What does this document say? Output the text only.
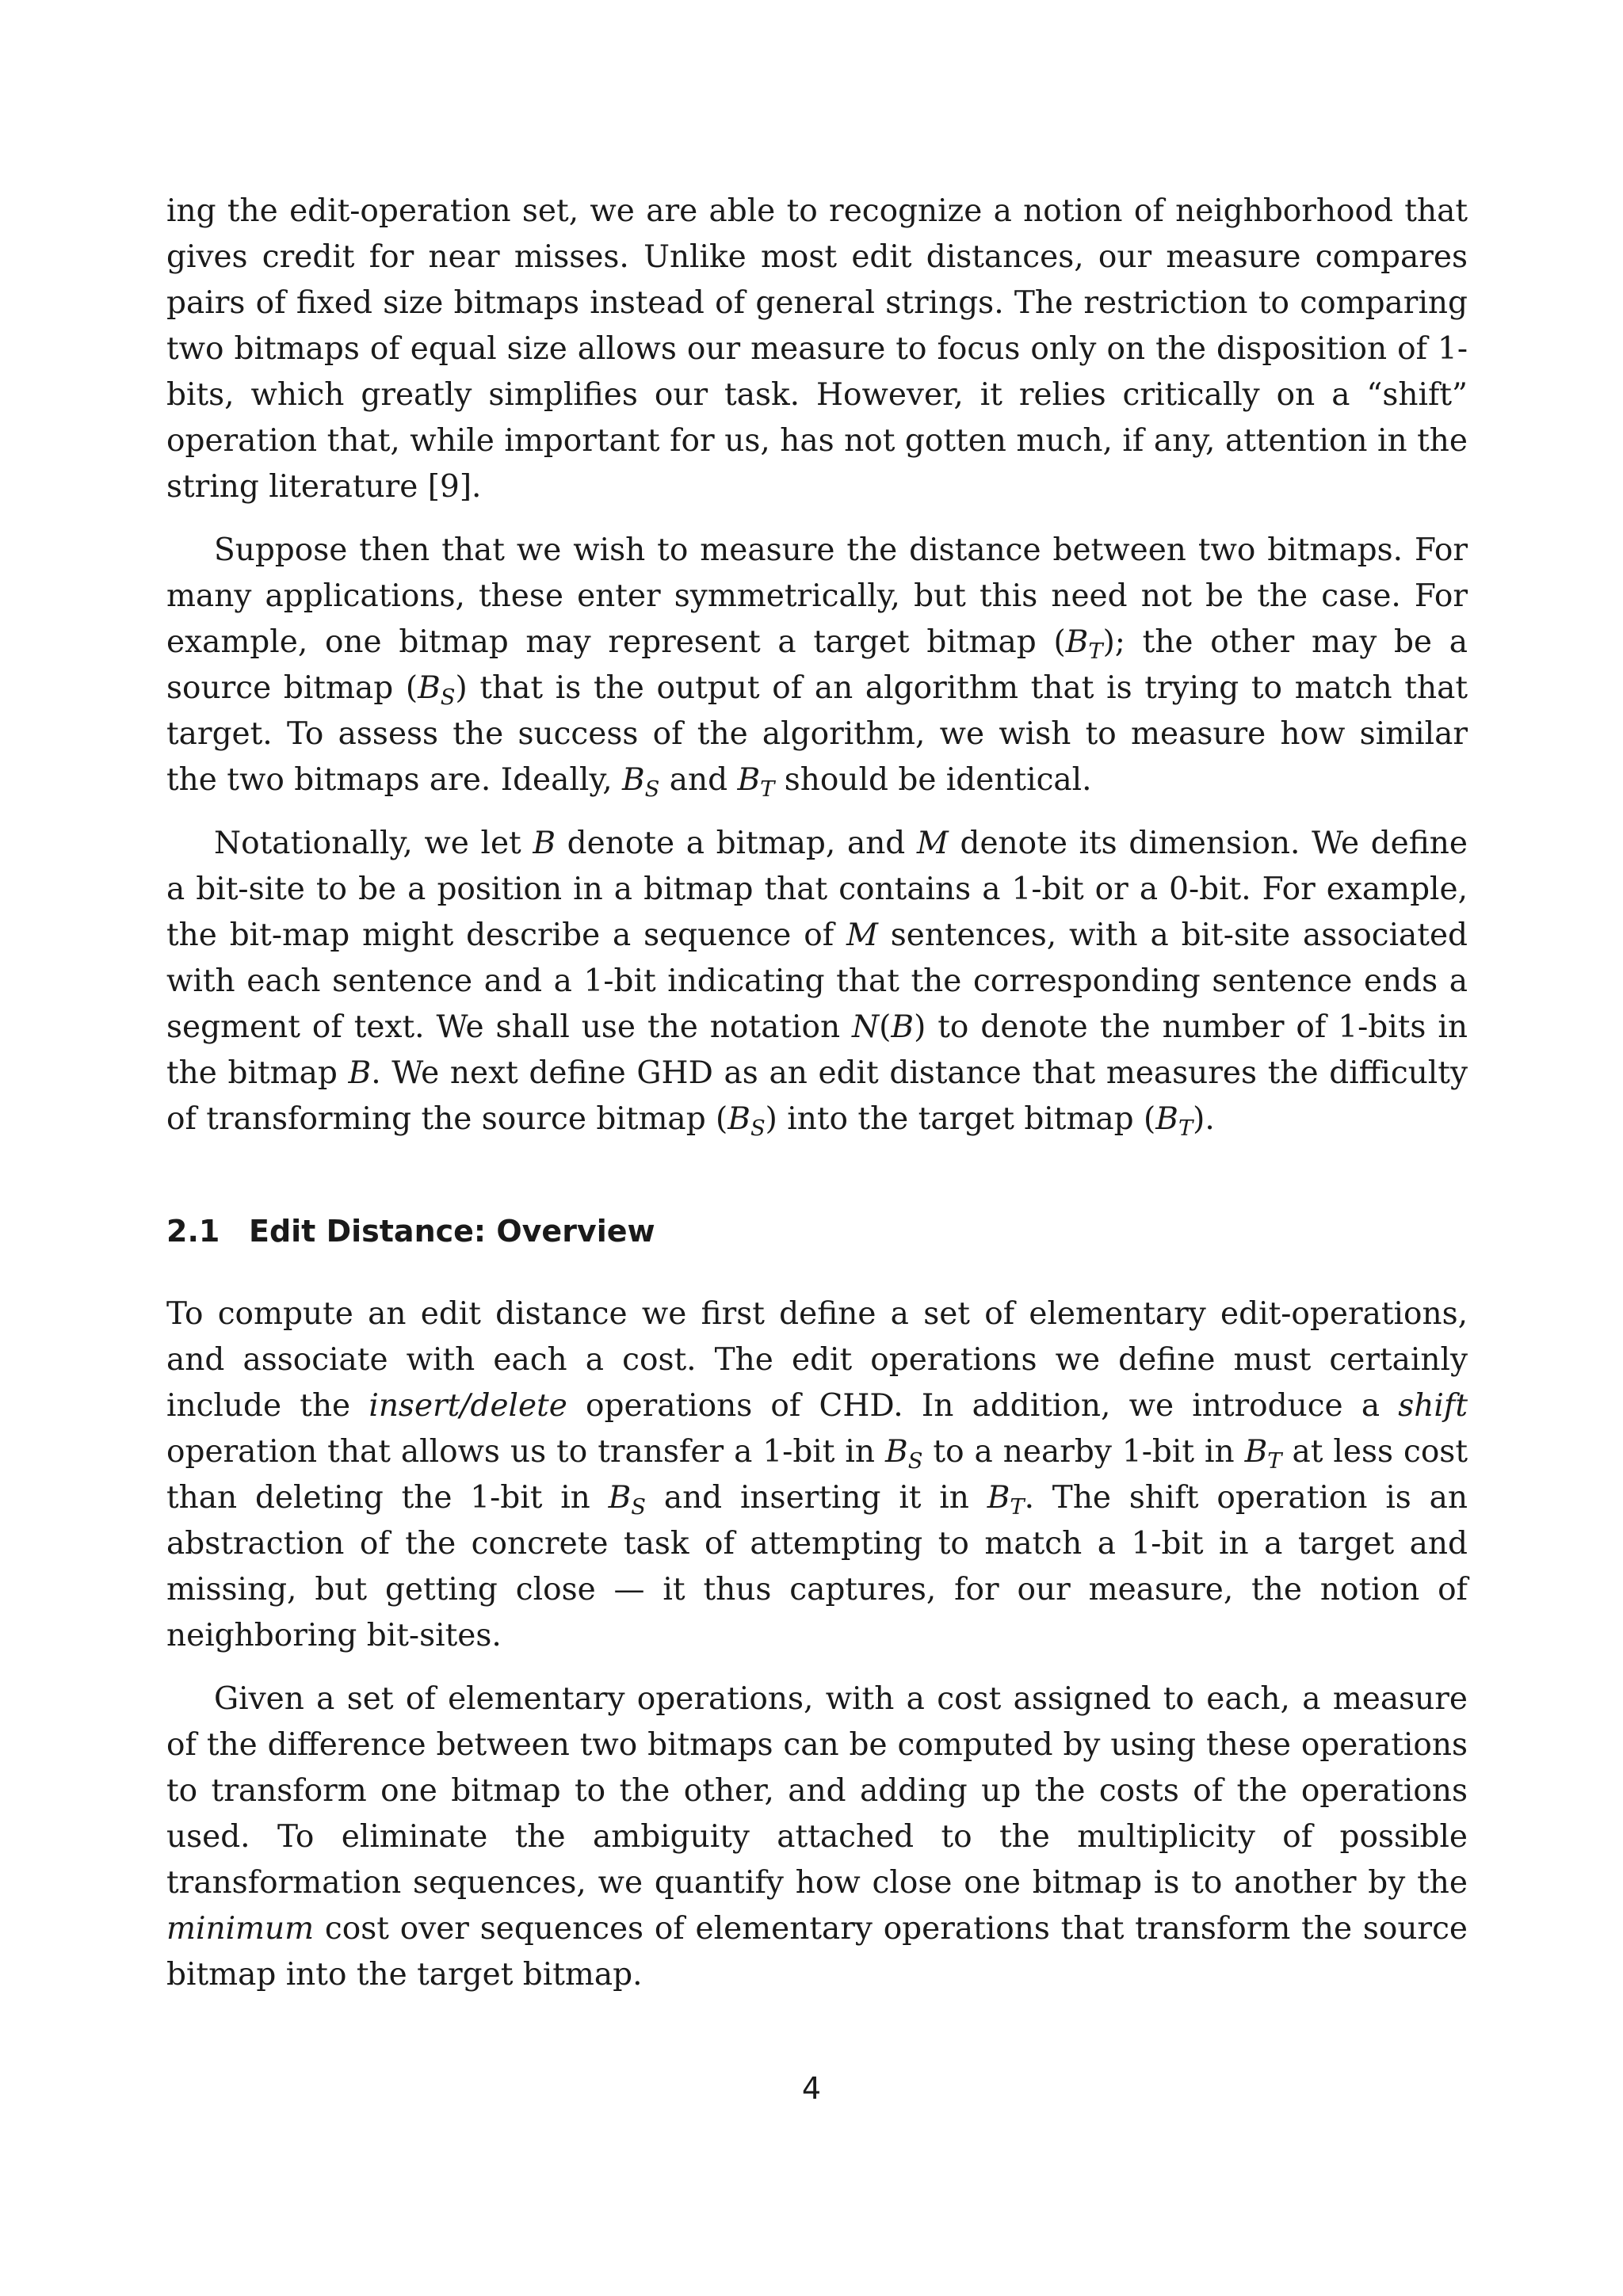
ing the edit-operation set, we are able to recognize a notion of neighborhood that gives credit for near misses. Unlike most edit distances, our measure compares pairs of fixed size bitmaps instead of general strings. The restriction to comparing two bitmaps of equal size allows our measure to focus only on the disposition of 1-bits, which greatly simplifies our task. However, it relies critically on a “shift” operation that, while important for us, has not gotten much, if any, attention in the string literature [9].

Suppose then that we wish to measure the distance between two bitmaps. For many applications, these enter symmetrically, but this need not be the case. For example, one bitmap may represent a target bitmap $(B_T)$; the other may be a source bitmap $(B_S)$ that is the output of an algorithm that is trying to match that target. To assess the success of the algorithm, we wish to measure how similar the two bitmaps are. Ideally, $B_S$ and $B_T$ should be identical.

Notationally, we let B denote a bitmap, and M denote its dimension. We define a bit-site to be a position in a bitmap that contains a 1-bit or a 0-bit. For example, the bit-map might describe a sequence of M sentences, with a bit-site associated with each sentence and a 1-bit indicating that the corresponding sentence ends a segment of text. We shall use the notation N(B) to denote the number of 1-bits in the bitmap B. We next define GHD as an edit distance that measures the difficulty of transforming the source bitmap $(B_S)$ into the target bitmap $(B_T)$.

2.1 Edit Distance: Overview

To compute an edit distance we first define a set of elementary edit-operations, and associate with each a cost. The edit operations we define must certainly include the insert/delete operations of CHD. In addition, we introduce a shift operation that allows us to transfer a 1-bit in $B_S$ to a nearby 1-bit in $B_T$ at less cost than deleting the 1-bit in $B_S$ and inserting it in $B_T$. The shift operation is an abstraction of the concrete task of attempting to match a 1-bit in a target and missing, but getting close — it thus captures, for our measure, the notion of neighboring bit-sites.

Given a set of elementary operations, with a cost assigned to each, a measure of the difference between two bitmaps can be computed by using these operations to transform one bitmap to the other, and adding up the costs of the operations used. To eliminate the ambiguity attached to the multiplicity of possible transformation sequences, we quantify how close one bitmap is to another by the minimum cost over sequences of elementary operations that transform the source bitmap into the target bitmap.

4
